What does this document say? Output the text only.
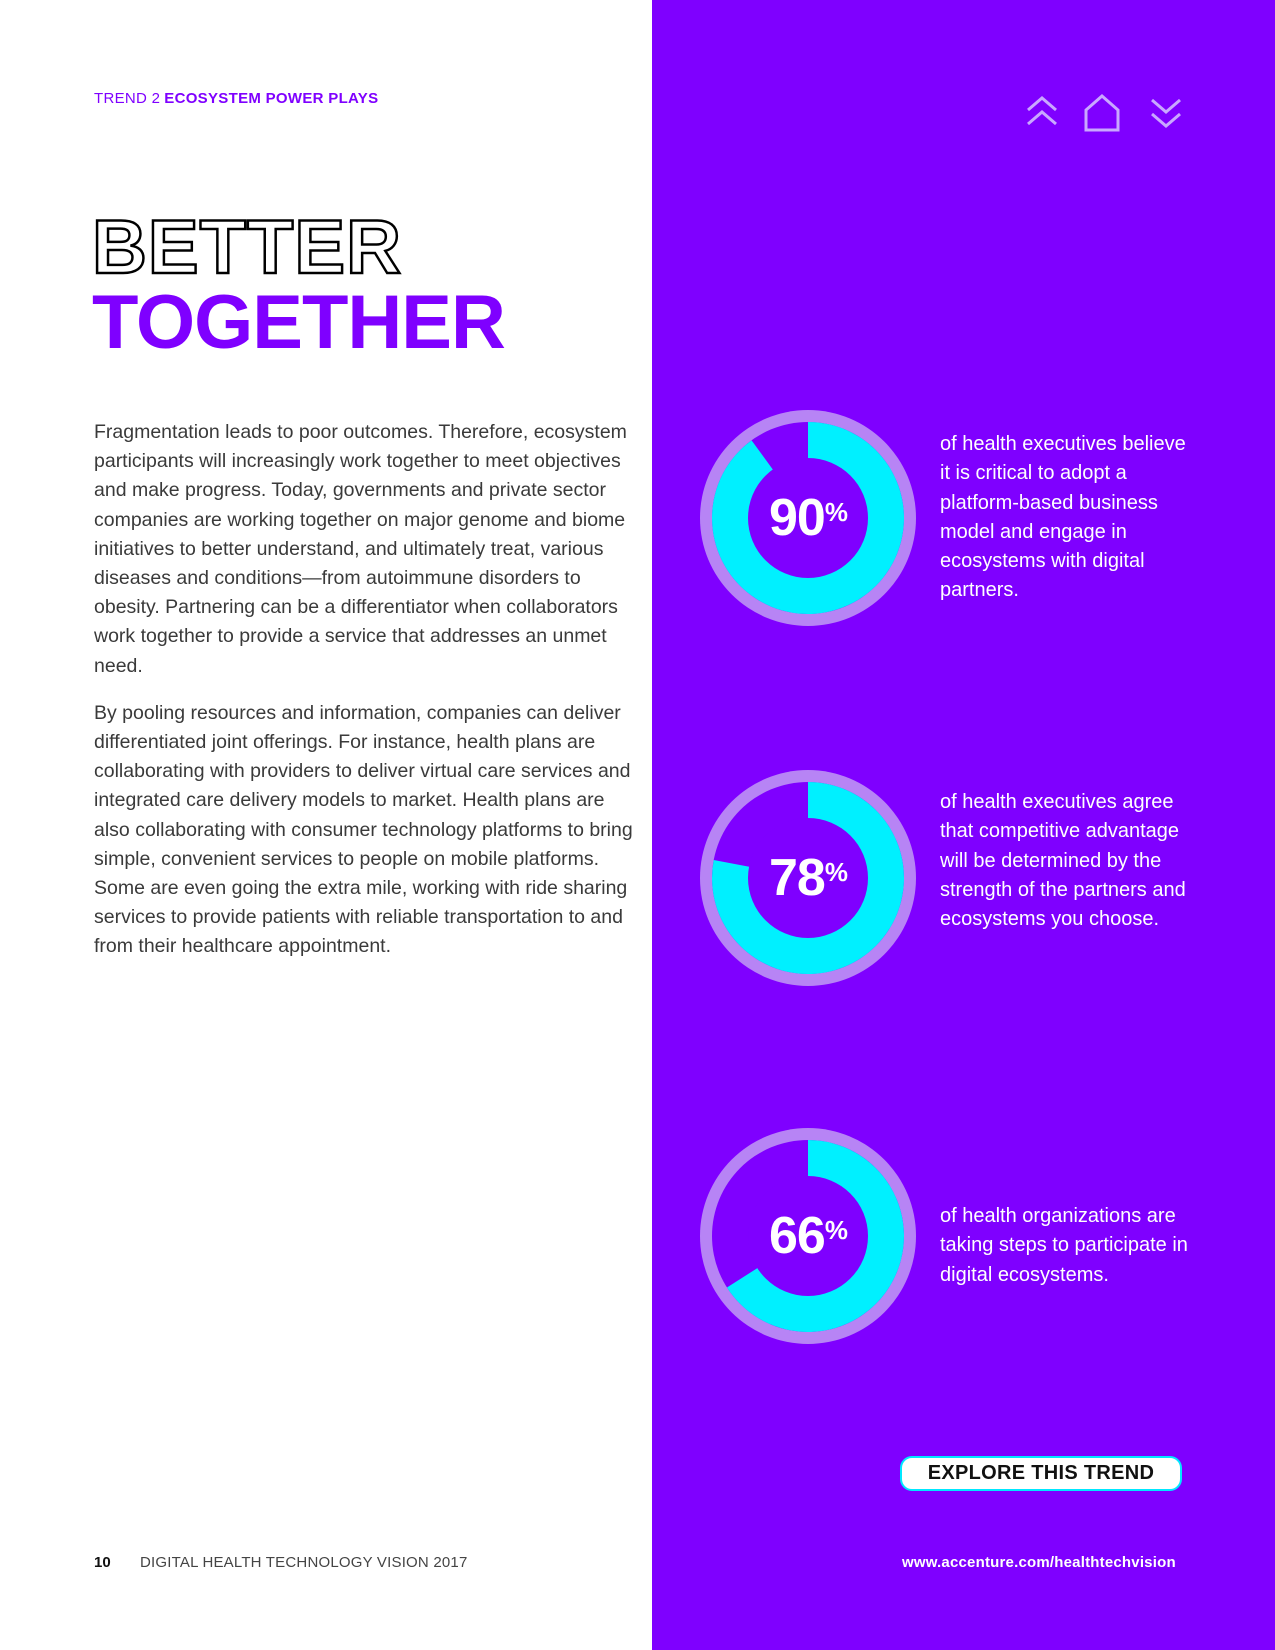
TREND 2 ECOSYSTEM POWER PLAYS
BETTER
TOGETHER

Fragmentation leads to poor outcomes. Therefore, ecosystem participants will increasingly work together to meet objectives and make progress. Today, governments and private sector companies are working together on major genome and biome initiatives to better understand, and ultimately treat, various diseases and conditions—from autoimmune disorders to obesity. Partnering can be a differentiator when collaborators work together to provide a service that addresses an unmet need.

By pooling resources and information, companies can deliver differentiated joint offerings. For instance, health plans are collaborating with providers to deliver virtual care services and integrated care delivery models to market. Health plans are also collaborating with consumer technology platforms to bring simple, convenient services to people on mobile platforms. Some are even going the extra mile, working with ride sharing services to provide patients with reliable transportation to and from their healthcare appointment.

90%
of health executives believe it is critical to adopt a platform-based business model and engage in ecosystems with digital partners.
78%
of health executives agree that competitive advantage will be determined by the strength of the partners and ecosystems you choose.
66%	of health organizations are taking steps to participate in digital ecosystems.
EXPLORE THIS TREND
10 DIGITAL HEALTH TECHNOLOGY VISION 2017	www.accenture.com/healthtechvision
